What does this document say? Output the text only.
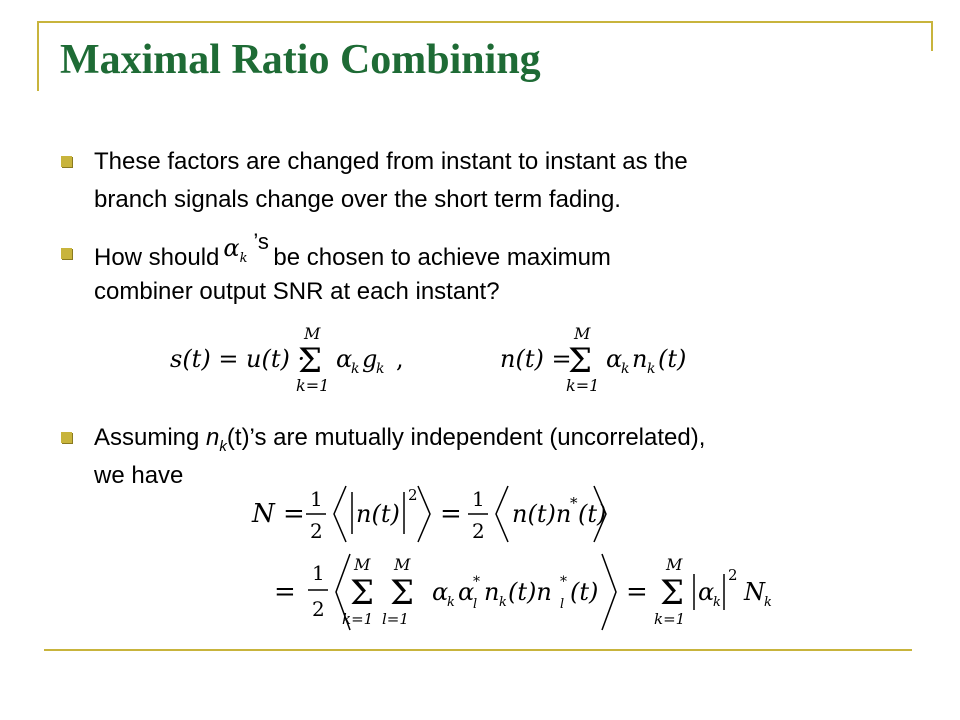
Maximal Ratio Combining
These factors are changed from instant to instant as the
branch signals change over the short term fading.
How should $\alpha_k$
’s
be chosen to achieve maximum
combiner output SNR at each instant?
s(t) = u(t) ·
M
Σ
k=1
α
k g
k ,	n(t) =
M
Σ
k=1
α
k n k (t)
Assuming $n_k(t)’s$ are mutually independent (uncorrelated),
we have
N = 1
2
n(t)
2
= 1
2
n(t)n
* (t)
=
1
2
M
Σ
k=1
M
Σ
l=1
α
k α
*
l n k (t)n *
l (t) =
M
Σ
k=1
α
k
2
N k
